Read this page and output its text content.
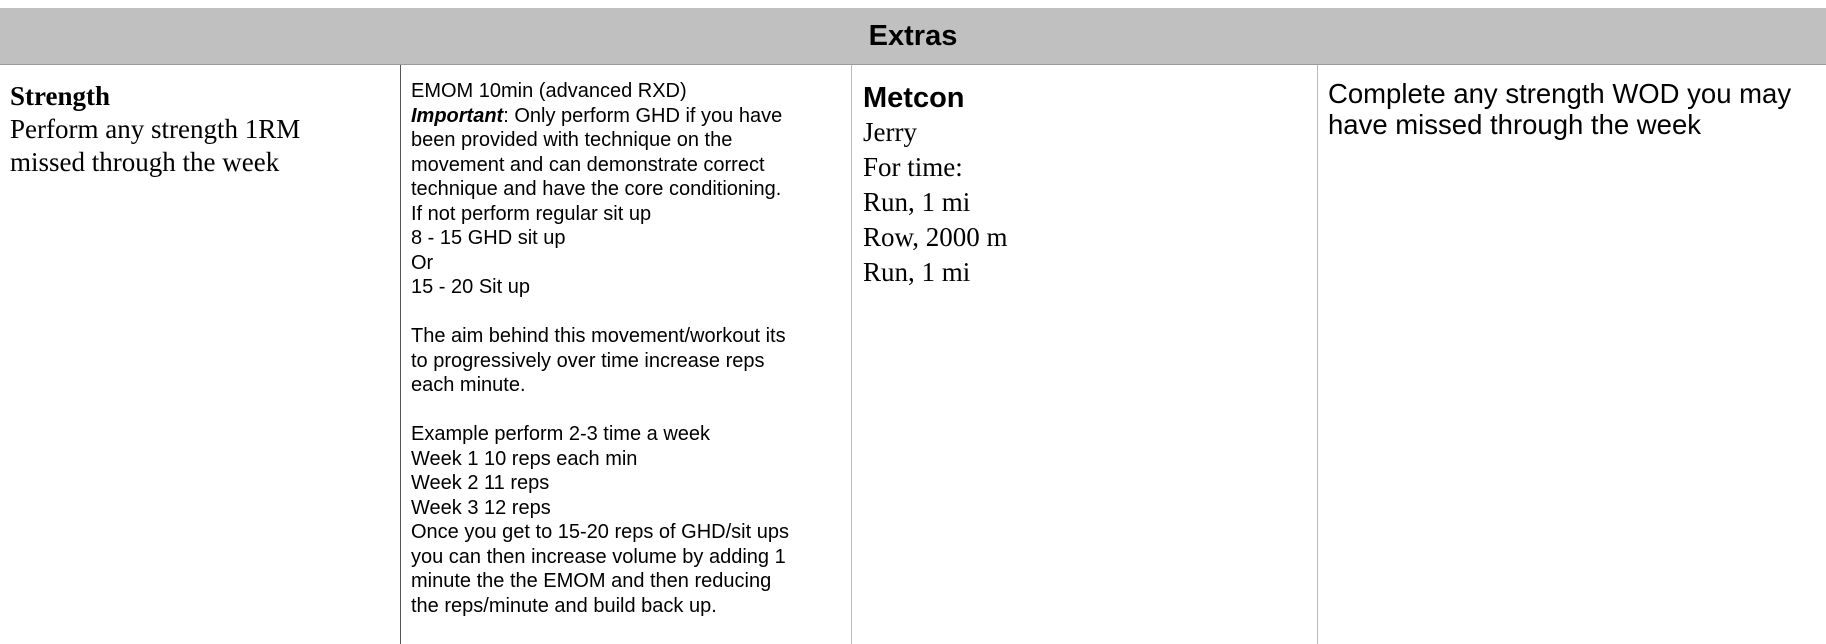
Extras
Strength
Perform any strength 1RM missed through the week
EMOM 10min (advanced RXD)
Important: Only perform GHD if you have
been provided with technique on the
movement and can demonstrate correct
technique and have the core conditioning.
If not perform regular sit up
8 - 15 GHD sit up
Or
15 - 20 Sit up
The aim behind this movement/workout its
to progressively over time increase reps
each minute.
Example perform 2-3 time a week
Week 1 10 reps each min
Week 2 11 reps
Week 3 12 reps
Once you get to 15-20 reps of GHD/sit ups
you can then increase volume by adding 1
minute the the EMOM and then reducing
the reps/minute and build back up.
Metcon
Jerry
For time:
Run, 1 mi
Row, 2000 m
Run, 1 mi
Complete any strength WOD you may have missed through the week
